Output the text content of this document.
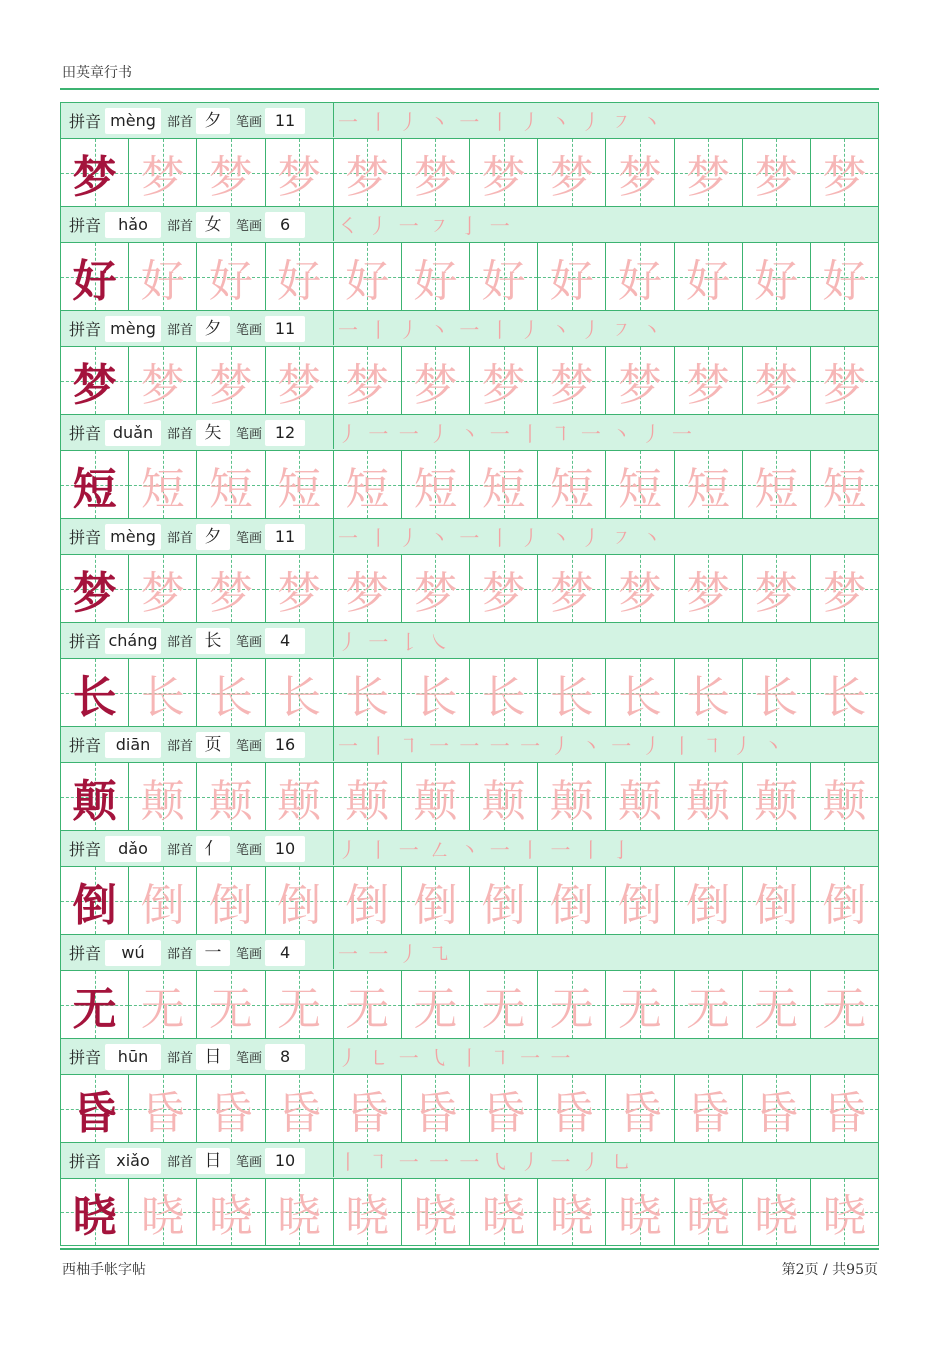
田英章行书
拼音 mèng 部首 夕	笔画 11	一 丨 丿 丶 一 丨 丿 丶 丿 ㇇ 丶
梦 梦 梦 梦 梦 梦 梦 梦 梦 梦 梦 梦
拼音	hǎo	部首 女	笔画	6	㇛ 丿 一 ㇇ 亅 一
好 好 好 好 好 好 好 好 好 好 好 好
拼音 mèng 部首 夕	笔画 11	一 丨 丿 丶 一 丨 丿 丶 丿 ㇇ 丶
梦 梦 梦 梦 梦 梦 梦 梦 梦 梦 梦 梦
拼音 duǎn	部首 矢	笔画 12	丿 一 一 丿 丶 一 丨 ㇕ 一 丶 丿 一
短 短 短 短 短 短 短 短 短 短 短 短
拼音 mèng 部首 夕	笔画 11	一 丨 丿 丶 一 丨 丿 丶 丿 ㇇ 丶
梦 梦 梦 梦 梦 梦 梦 梦 梦 梦 梦 梦
拼音 cháng 部首 长	笔画	4	丿 一 𠄌 ㇏
长 长 长 长 长 长 长 长 长 长 长 长
拼音 diān	部首 页	笔画 16	一 丨 ㇕ 一 一 一 一 丿 丶 一 丿 丨 ㇕ 丿 丶
颠 颠 颠 颠 颠 颠 颠 颠 颠 颠 颠 颠
拼音	dǎo	部首 亻	笔画 10	丿 丨 一 ㇜ 丶 一 丨 一 丨 亅
倒 倒 倒 倒 倒 倒 倒 倒 倒 倒 倒 倒
拼音	wú	部首 一	笔画	4	一 一 丿 ㇈
无 无 无 无 无 无 无 无 无 无 无 无
拼音	hūn	部首 日	笔画	8	丿 ㇄ 一 ㇂ 丨 ㇕ 一 一
昏 昏 昏 昏 昏 昏 昏 昏 昏 昏 昏 昏
拼音 xiǎo	部首 日	笔画 10	丨 ㇕ 一 一 一 ㇂ 丿 一 丿 ㇟
晓 晓 晓 晓 晓 晓 晓 晓 晓 晓 晓 晓
西柚手帐字帖	第2页 / 共95页
